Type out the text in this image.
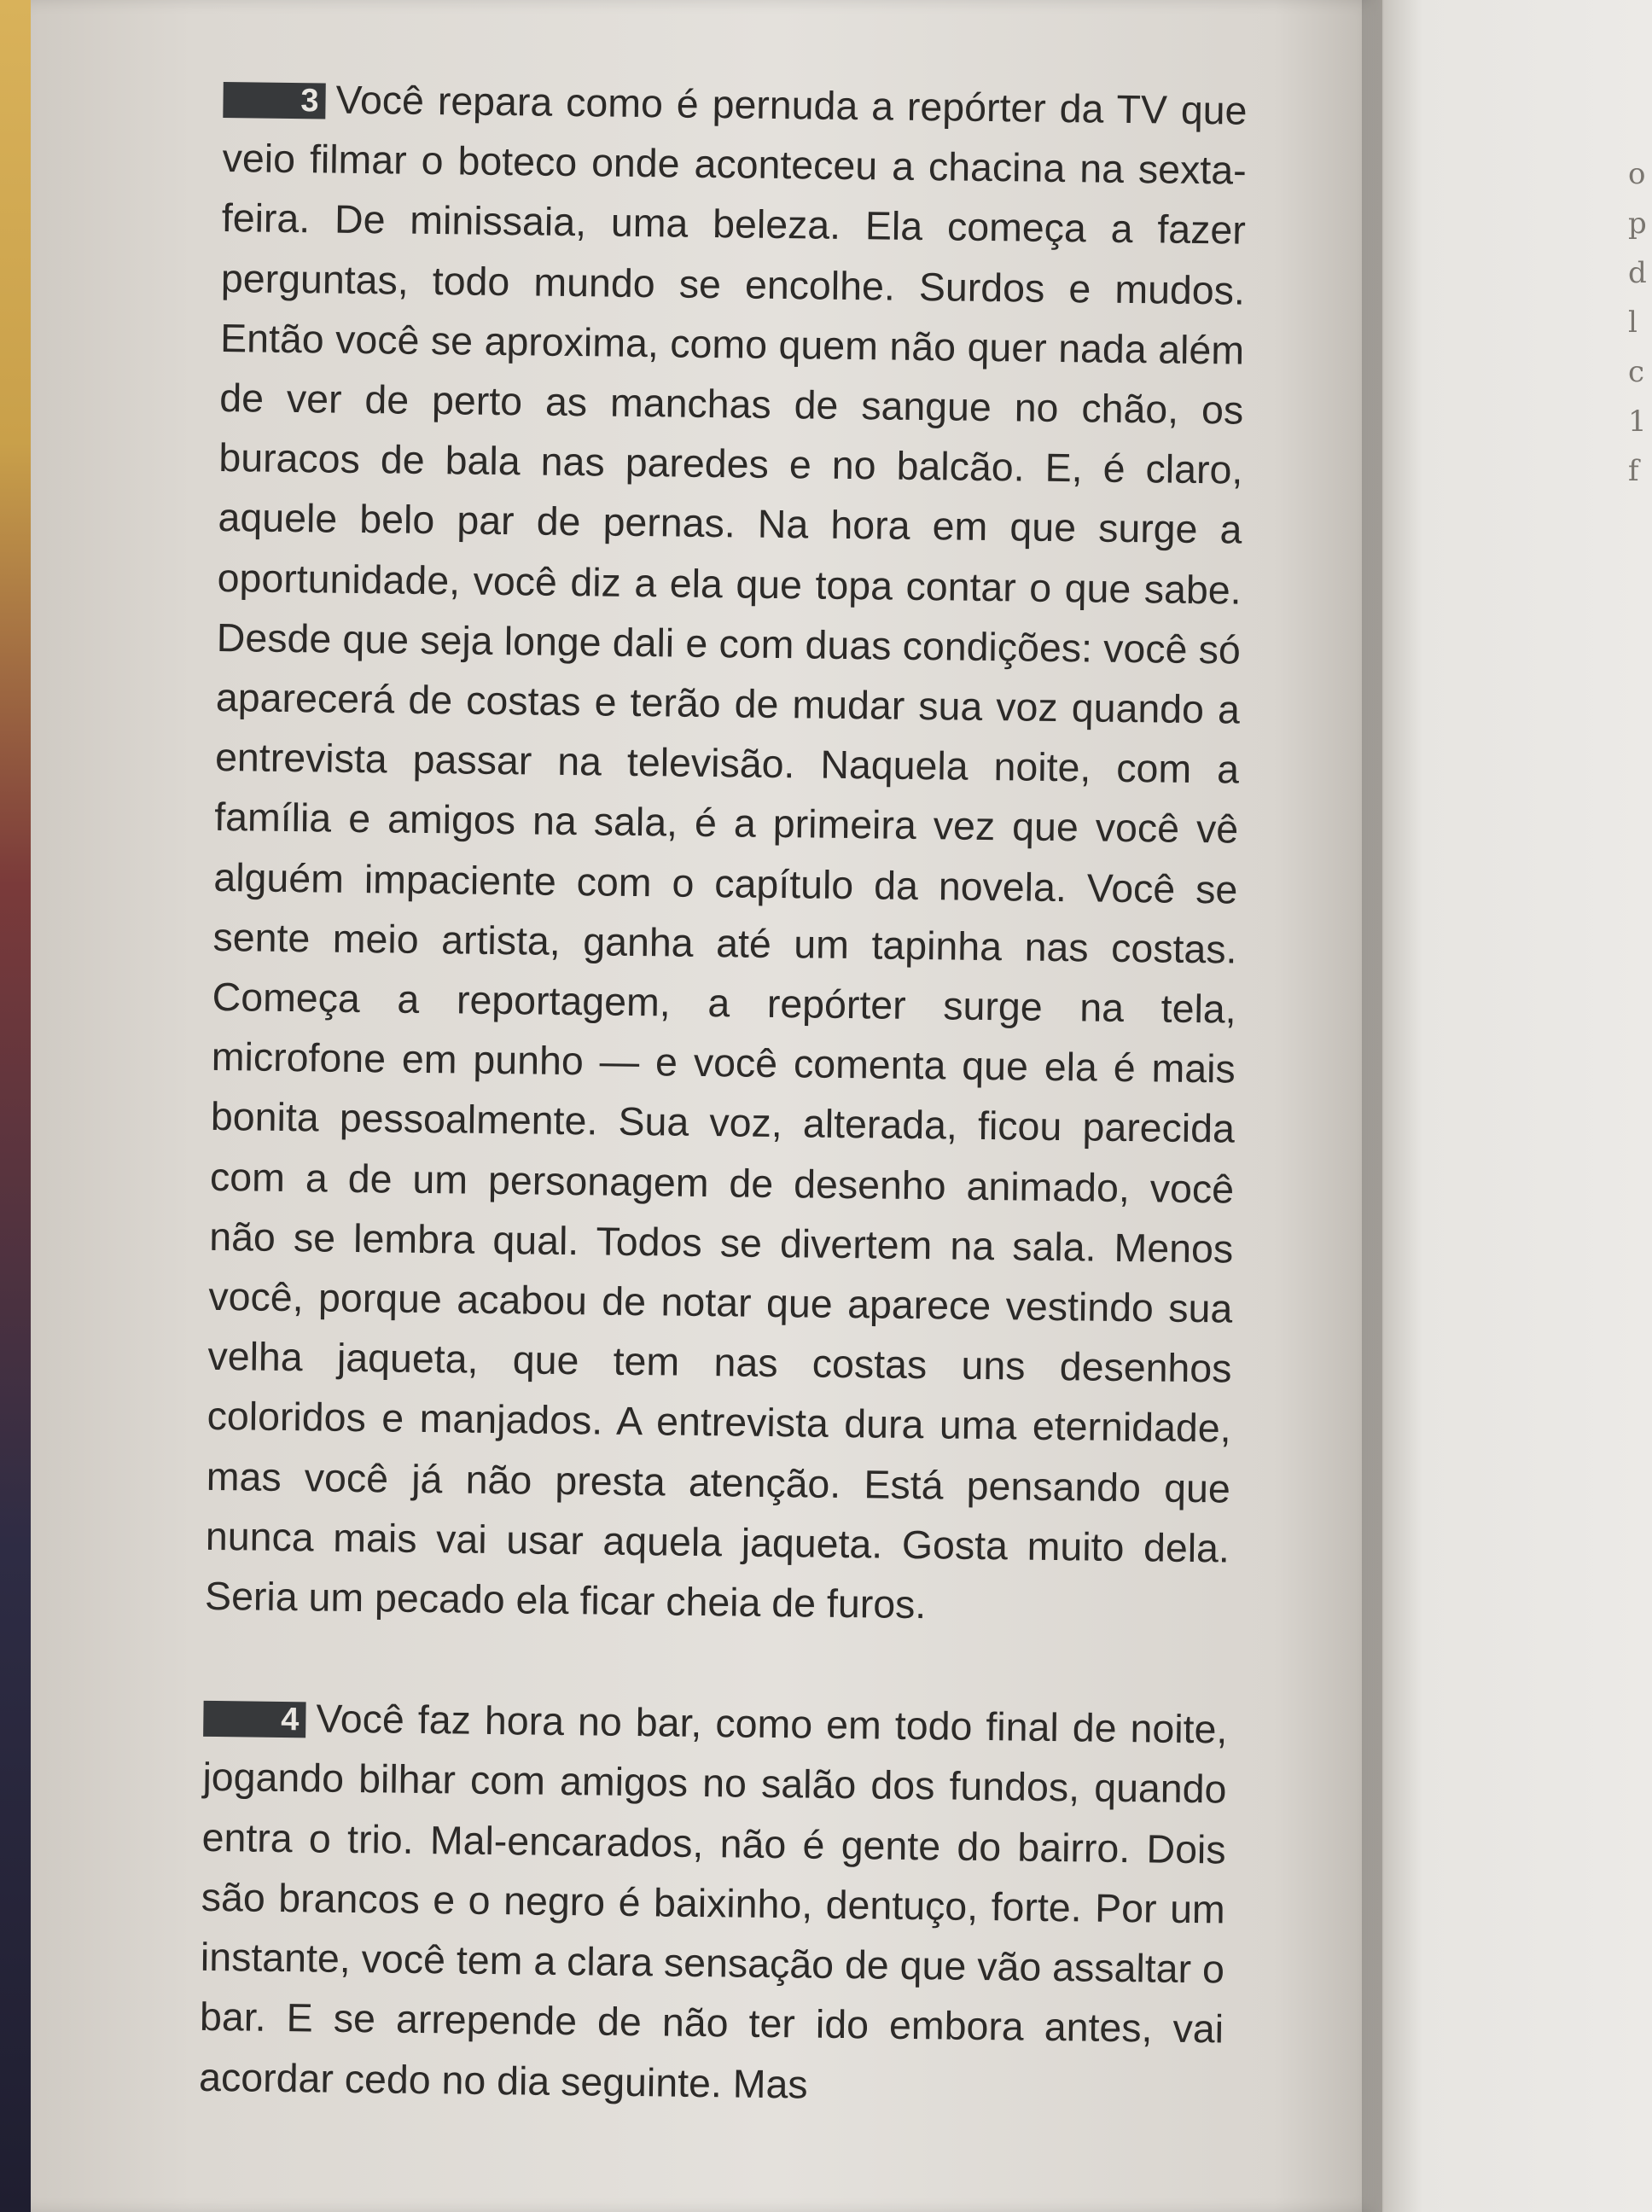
o
p
d
l
c
1
f

3 Você repara como é pernuda a repórter da TV que veio filmar o boteco onde aconteceu a chacina na sexta-feira. De minissaia, uma beleza. Ela começa a fazer perguntas, todo mundo se encolhe. Surdos e mudos. Então você se aproxima, como quem não quer nada além de ver de perto as manchas de sangue no chão, os buracos de bala nas paredes e no balcão. E, é claro, aquele belo par de pernas. Na hora em que surge a oportunidade, você diz a ela que topa contar o que sabe. Desde que seja longe dali e com duas condições: você só aparecerá de costas e terão de mudar sua voz quando a entrevista passar na televisão. Naquela noite, com a família e amigos na sala, é a primeira vez que você vê alguém impaciente com o capítulo da novela. Você se sente meio artista, ganha até um tapinha nas costas. Começa a reportagem, a repórter surge na tela, microfone em punho — e você comenta que ela é mais bonita pessoalmente. Sua voz, alterada, ficou parecida com a de um personagem de desenho animado, você não se lembra qual. Todos se divertem na sala. Menos você, porque acabou de notar que aparece vestindo sua velha jaqueta, que tem nas costas uns desenhos coloridos e manjados. A entrevista dura uma eternidade, mas você já não presta atenção. Está pensando que nunca mais vai usar aquela jaqueta. Gosta muito dela. Seria um pecado ela ficar cheia de furos.

4 Você faz hora no bar, como em todo final de noite, jogando bilhar com amigos no salão dos fundos, quando entra o trio. Mal-encarados, não é gente do bairro. Dois são brancos e o negro é baixinho, dentuço, forte. Por um instante, você tem a clara sensação de que vão assaltar o bar. E se arrepende de não ter ido embora antes, vai acordar cedo no dia seguinte. Mas
